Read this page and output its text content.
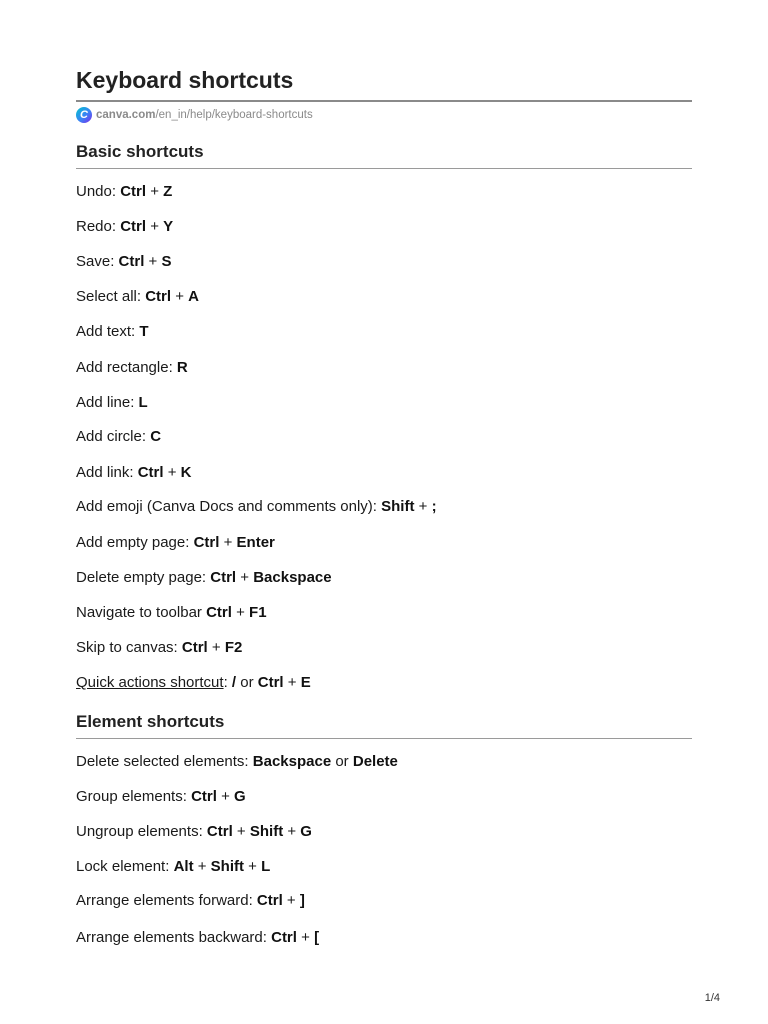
Keyboard shortcuts
C canva.com /en_in/help/keyboard-shortcuts
Basic shortcuts

Undo: Ctrl + Z

Redo: Ctrl + Y

Save: Ctrl + S

Select all: Ctrl + A

Add text: T

Add rectangle: R

Add line: L

Add circle: C

Add link: Ctrl + K

Add emoji (Canva Docs and comments only): Shift + ;

Add empty page: Ctrl + Enter

Delete empty page: Ctrl + Backspace

Navigate to toolbar Ctrl + F1

Skip to canvas: Ctrl + F2

Quick actions shortcut: / or Ctrl + E

Element shortcuts

Delete selected elements: Backspace or Delete

Group elements: Ctrl + G

Ungroup elements: Ctrl + Shift + G

Lock element: Alt + Shift + L

Arrange elements forward: Ctrl + ]

Arrange elements backward: Ctrl + [

1/4
